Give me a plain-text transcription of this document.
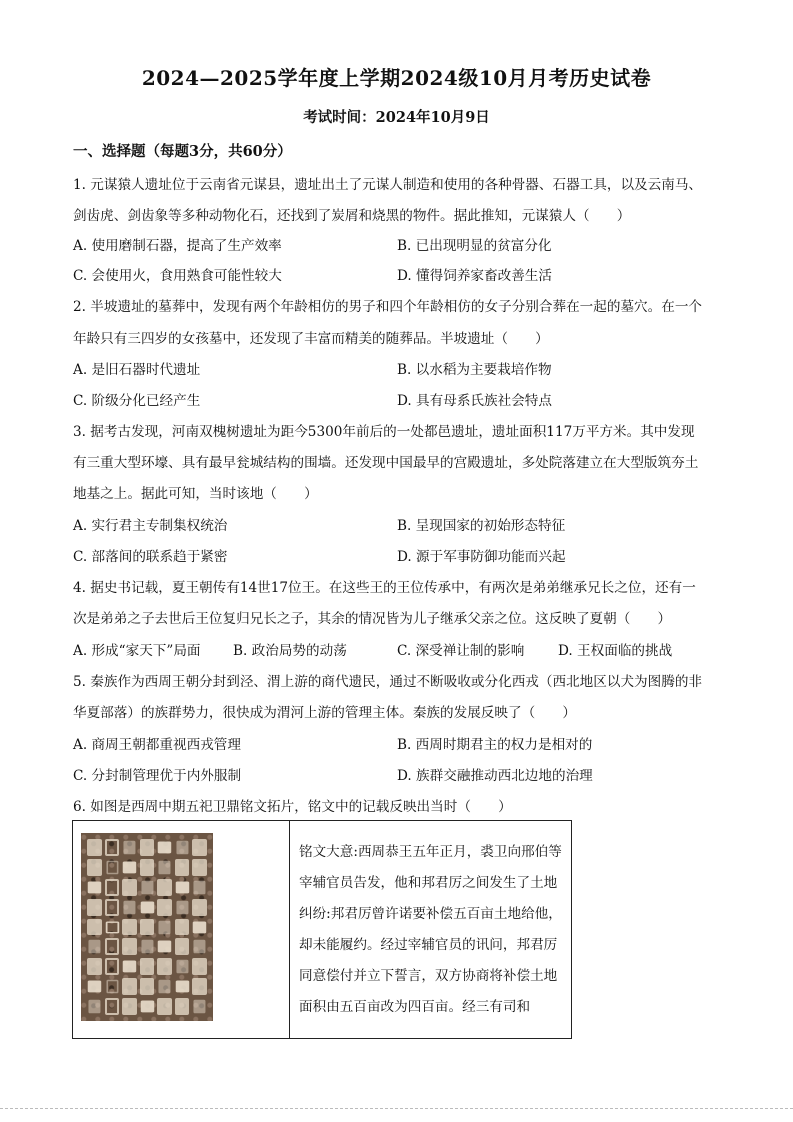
2024—2025学年度上学期2024级10月月考历史试卷
考试时间：2024年10月9日
一、选择题（每题3分，共60分）
1. 元谋猿人遗址位于云南省元谋县，遗址出土了元谋人制造和使用的各种骨器、石器工具，以及云南马、
剑齿虎、剑齿象等多种动物化石，还找到了炭屑和烧黑的物件。据此推知，元谋猿人（　　）
A. 使用磨制石器，提高了生产效率	B. 已出现明显的贫富分化
C. 会使用火，食用熟食可能性较大	D. 懂得饲养家畜改善生活
2. 半坡遗址的墓葬中，发现有两个年龄相仿的男子和四个年龄相仿的女子分别合葬在一起的墓穴。在一个
年龄只有三四岁的女孩墓中，还发现了丰富而精美的随葬品。半坡遗址（　　）
A. 是旧石器时代遗址	B. 以水稻为主要栽培作物
C. 阶级分化已经产生	D. 具有母系氏族社会特点
3. 据考古发现，河南双槐树遗址为距今5300年前后的一处都邑遗址，遗址面积117万平方米。其中发现
有三重大型环壕、具有最早瓮城结构的围墙。还发现中国最早的宫殿遗址，多处院落建立在大型版筑夯土
地基之上。据此可知，当时该地（　　）
A. 实行君主专制集权统治	B. 呈现国家的初始形态特征
C. 部落间的联系趋于紧密	D. 源于军事防御功能而兴起
4. 据史书记载，夏王朝传有14世17位王。在这些王的王位传承中，有两次是弟弟继承兄长之位，还有一
次是弟弟之子去世后王位复归兄长之子，其余的情况皆为儿子继承父亲之位。这反映了夏朝（　　）
A. 形成“家天下”局面 B. 政治局势的动荡	C. 深受禅让制的影响 D. 王权面临的挑战
5. 秦族作为西周王朝分封到泾、渭上游的商代遗民，通过不断吸收或分化西戎（西北地区以犬为图腾的非
华夏部落）的族群势力，很快成为渭河上游的管理主体。秦族的发展反映了（　　）
A. 商周王朝都重视西戎管理	B. 西周时期君主的权力是相对的
C. 分封制管理优于内外服制	D. 族群交融推动西北边地的治理
6. 如图是西周中期五祀卫鼎铭文拓片，铭文中的记载反映出当时（　　）
铭文大意:西周恭王五年正月，裘卫向邢伯等宰辅官员告发，他和邦君厉之间发生了土地纠纷:邦君厉曾许诺要补偿五百亩土地给他，却未能履约。经过宰辅官员的讯问，邦君厉同意偿付并立下誓言，双方协商将补偿土地面积由五百亩改为四百亩。经三有司和
